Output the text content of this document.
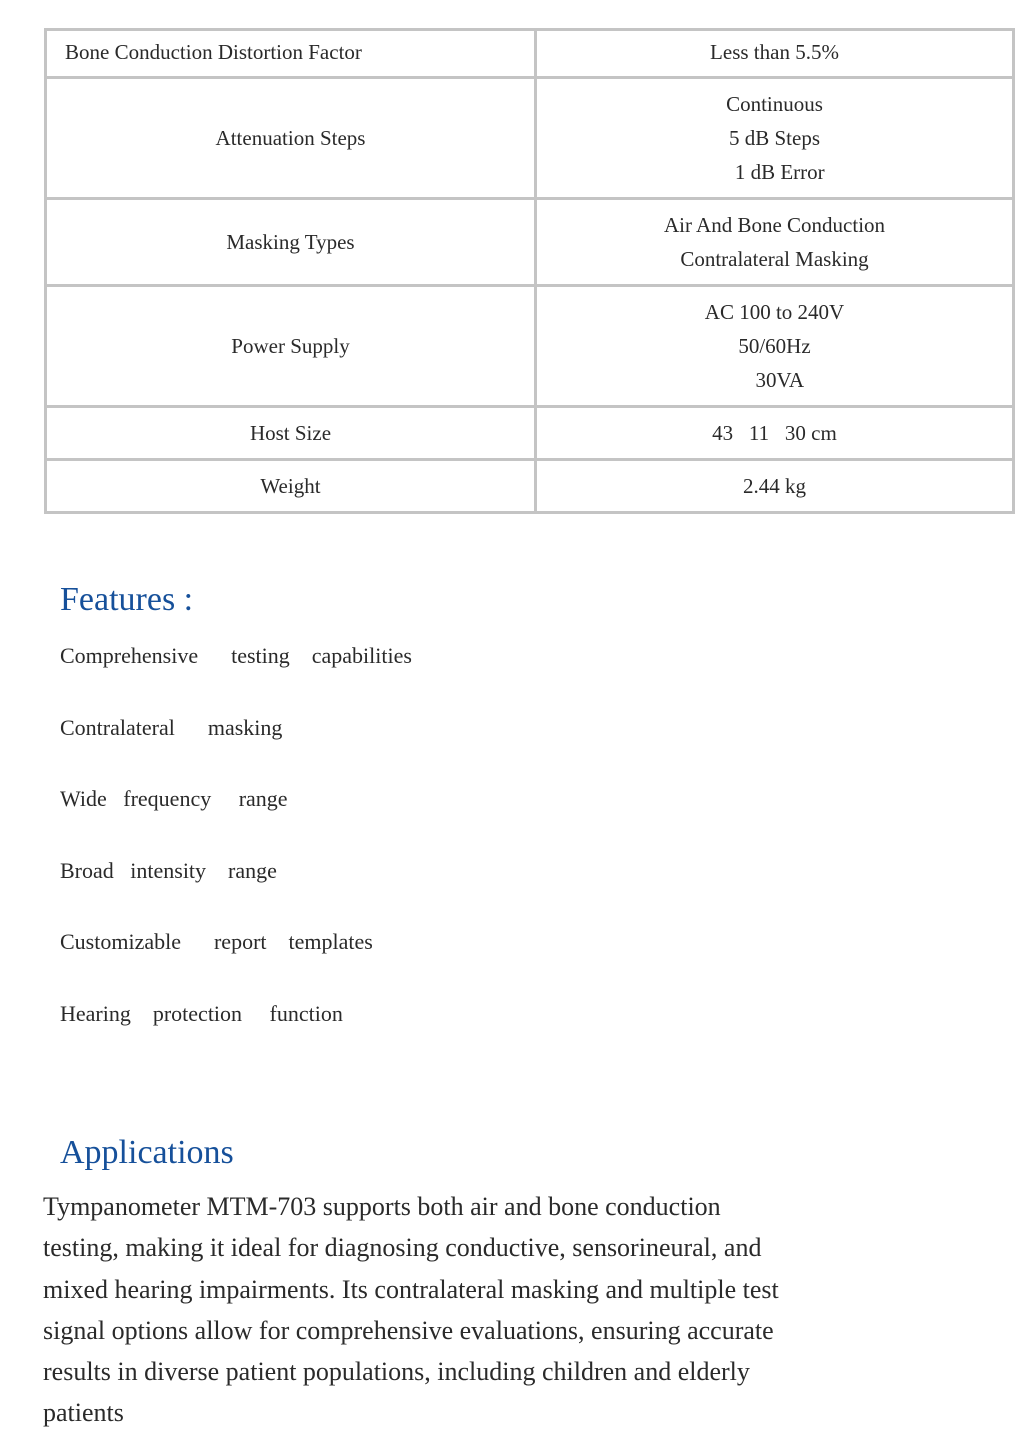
Bone Conduction Distortion Factor	Less than 5.5%

Attenuation Steps	Continuous
5 dB Steps
1 dB Error

Masking Types	Air And Bone Conduction
Contralateral Masking

Power Supply	AC 100 to 240V
50/60Hz
30VA

Host Size	43   11   30 cm

Weight	2.44 kg
Features :
Comprehensive      testing    capabilities
Contralateral      masking
Wide   frequency     range
Broad   intensity    range
Customizable      report    templates
Hearing    protection     function
Applications

Tympanometer MTM-703 supports both air and bone conduction testing, making it ideal for diagnosing conductive, sensorineural, and mixed hearing impairments. Its contralateral masking and multiple test signal options allow for comprehensive evaluations, ensuring accurate results in diverse patient populations, including children and elderly patients
